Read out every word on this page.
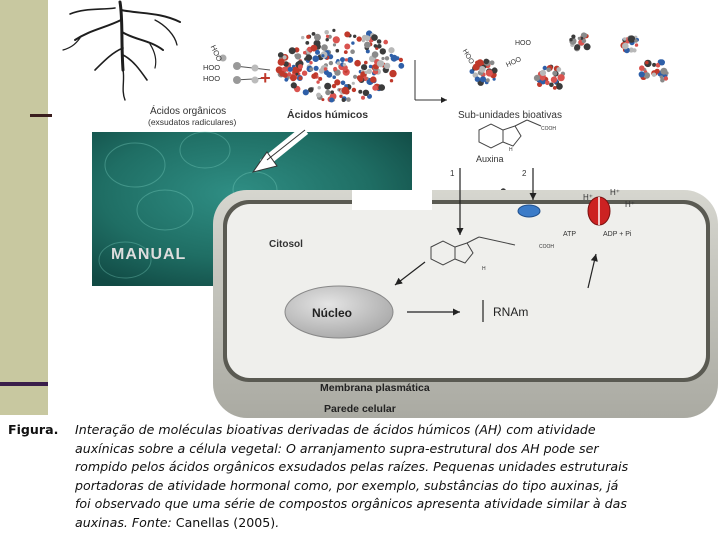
HOO
HOO
HOO +
Ácidos orgânicos
(exsudatos radiculares)
Ácidos húmicos
HOO
HOO	HOO
Sub-unidades bioativas
COOH
H
Auxina
1	2
MANUAL
Citosol
H⁺
H⁺
H⁺
ATP	ADP + Pi
COOH
H
Núcleo	RNAm
Membrana plasmática
Parede celular
Figura. Interação de moléculas bioativas derivadas de ácidos húmicos (AH) com atividade
auxínicas sobre a célula vegetal: O arranjamento supra-estrutural dos AH pode ser
rompido pelos ácidos orgânicos exsudados pelas raízes. Pequenas unidades estruturais
portadoras de atividade hormonal como, por exemplo, substâncias do tipo auxinas, já
foi observado que uma série de compostos orgânicos apresenta atividade similar à das
auxinas. Fonte: Canellas (2005).
